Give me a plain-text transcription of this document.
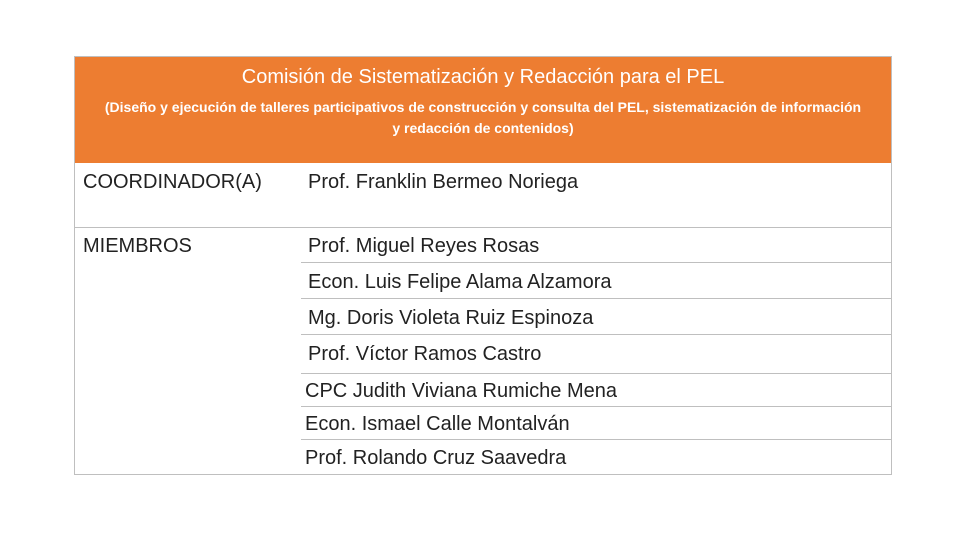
Comisión de Sistematización y Redacción para el PEL
(Diseño y ejecución de talleres participativos de construcción y consulta del PEL, sistematización de información y redacción de contenidos)
COORDINADOR(A) Prof. Franklin Bermeo Noriega
MIEMBROS	Prof. Miguel Reyes Rosas
Econ. Luis Felipe Alama Alzamora
Mg. Doris Violeta Ruiz Espinoza
Prof. Víctor Ramos Castro
CPC Judith Viviana Rumiche Mena
Econ. Ismael Calle Montalván
Prof. Rolando Cruz Saavedra
